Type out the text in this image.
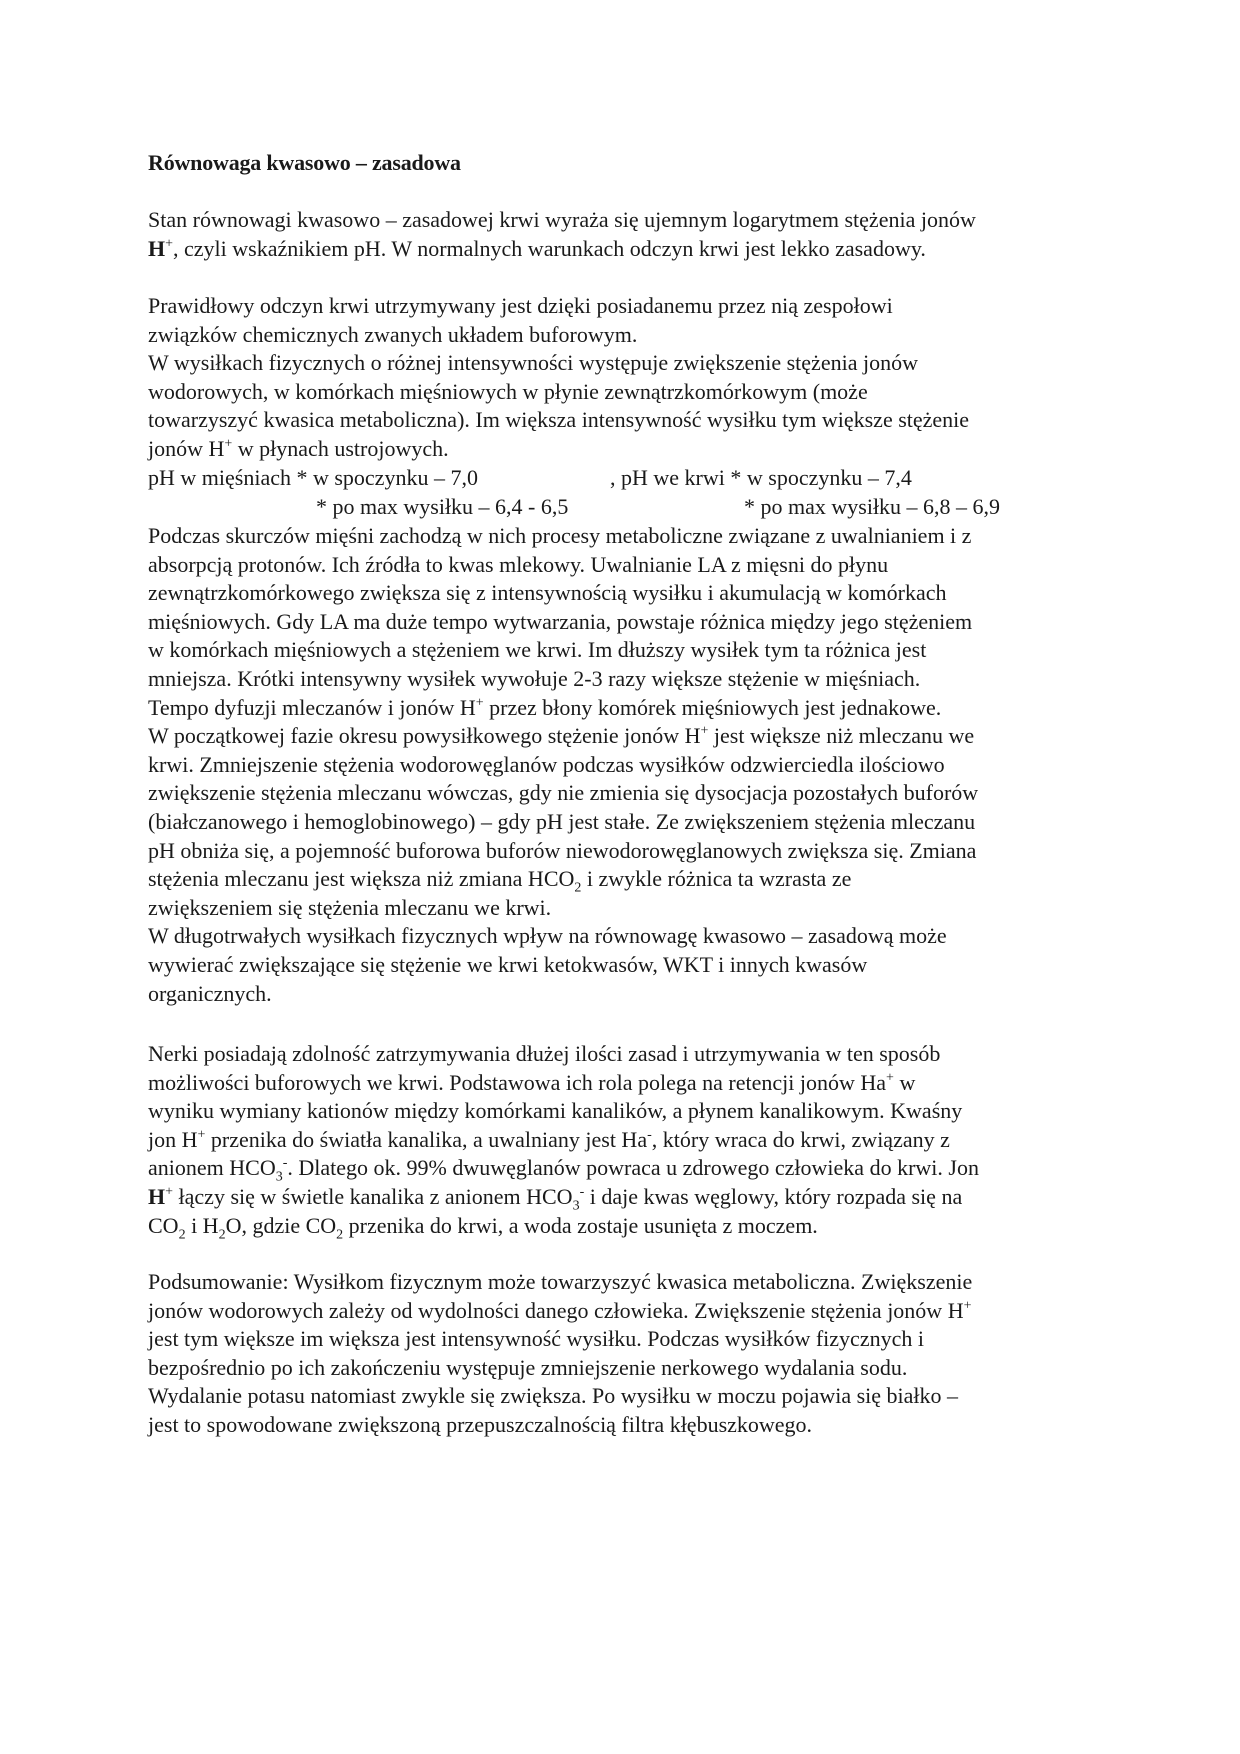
Równowaga kwasowo – zasadowa
Stan równowagi kwasowo – zasadowej krwi wyraża się ujemnym logarytmem stężenia jonów
H+, czyli wskaźnikiem pH. W normalnych warunkach odczyn krwi jest lekko zasadowy.
Prawidłowy odczyn krwi utrzymywany jest dzięki posiadanemu przez nią zespołowi
związków chemicznych zwanych układem buforowym.
W wysiłkach fizycznych o różnej intensywności występuje zwiększenie stężenia jonów
wodorowych, w komórkach mięśniowych w płynie zewnątrzkomórkowym (może
towarzyszyć kwasica metaboliczna). Im większa intensywność wysiłku tym większe stężenie
jonów H+ w płynach ustrojowych.
pH w mięśniach * w spoczynku – 7,0	, pH we krwi * w spoczynku – 7,4
* po max wysiłku – 6,4 - 6,5	* po max wysiłku – 6,8 – 6,9
Podczas skurczów mięśni zachodzą w nich procesy metaboliczne związane z uwalnianiem i z
absorpcją protonów. Ich źródła to kwas mlekowy. Uwalnianie LA z mięsni do płynu
zewnątrzkomórkowego zwiększa się z intensywnością wysiłku i akumulacją w komórkach
mięśniowych. Gdy LA ma duże tempo wytwarzania, powstaje różnica między jego stężeniem
w komórkach mięśniowych a stężeniem we krwi. Im dłuższy wysiłek tym ta różnica jest
mniejsza. Krótki intensywny wysiłek wywołuje 2-3 razy większe stężenie w mięśniach.
Tempo dyfuzji mleczanów i jonów H+ przez błony komórek mięśniowych jest jednakowe.
W początkowej fazie okresu powysiłkowego stężenie jonów H+ jest większe niż mleczanu we
krwi. Zmniejszenie stężenia wodorowęglanów podczas wysiłków odzwierciedla ilościowo
zwiększenie stężenia mleczanu wówczas, gdy nie zmienia się dysocjacja pozostałych buforów
(białczanowego i hemoglobinowego) – gdy pH jest stałe. Ze zwiększeniem stężenia mleczanu
pH obniża się, a pojemność buforowa buforów niewodorowęglanowych zwiększa się. Zmiana
stężenia mleczanu jest większa niż zmiana $HCO_2$ i zwykle różnica ta wzrasta ze
zwiększeniem się stężenia mleczanu we krwi.
W długotrwałych wysiłkach fizycznych wpływ na równowagę kwasowo – zasadową może
wywierać zwiększające się stężenie we krwi ketokwasów, WKT i innych kwasów
organicznych.
Nerki posiadają zdolność zatrzymywania dłużej ilości zasad i utrzymywania w ten sposób
możliwości buforowych we krwi. Podstawowa ich rola polega na retencji jonów Ha+ w
wyniku wymiany kationów między komórkami kanalików, a płynem kanalikowym. Kwaśny
jon H+ przenika do światła kanalika, a uwalniany jest Ha-, który wraca do krwi, związany z
anionem $HCO_3^-$. Dlatego ok. 99% dwuwęglanów powraca u zdrowego człowieka do krwi. Jon
H+ łączy się w świetle kanalika z anionem $HCO_3^-$ i daje kwas węglowy, który rozpada się na
$CO_2$ i $H_2O$, gdzie $CO_2$ przenika do krwi, a woda zostaje usunięta z moczem.
Podsumowanie: Wysiłkom fizycznym może towarzyszyć kwasica metaboliczna. Zwiększenie
jonów wodorowych zależy od wydolności danego człowieka. Zwiększenie stężenia jonów H+
jest tym większe im większa jest intensywność wysiłku. Podczas wysiłków fizycznych i
bezpośrednio po ich zakończeniu występuje zmniejszenie nerkowego wydalania sodu.
Wydalanie potasu natomiast zwykle się zwiększa. Po wysiłku w moczu pojawia się białko –
jest to spowodowane zwiększoną przepuszczalnością filtra kłębuszkowego.
